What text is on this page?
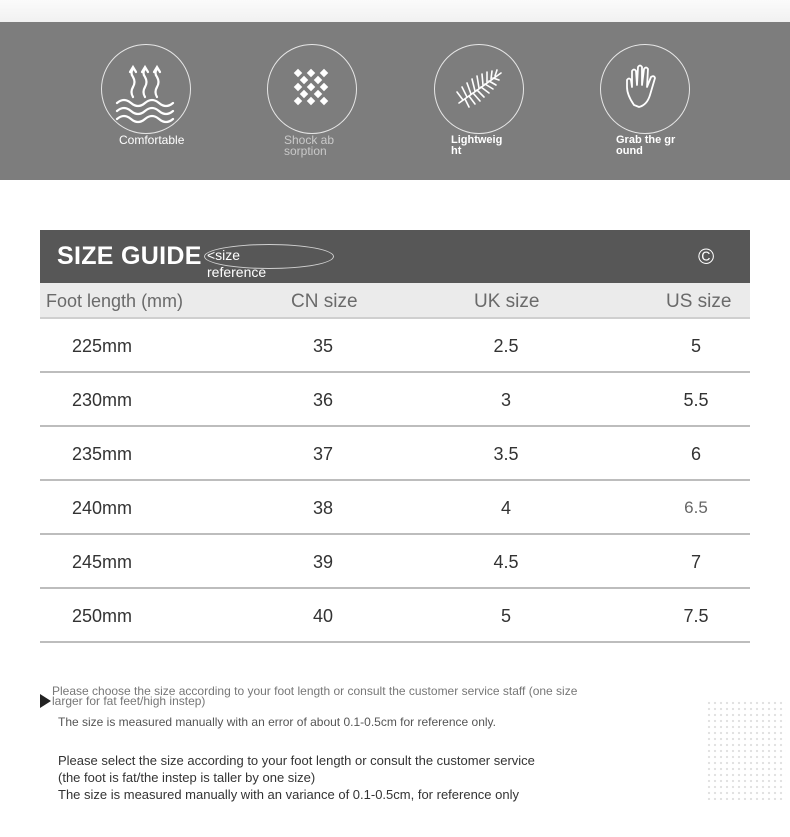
Comfortable	Shock absorption
Lightweight
Grab the ground
SIZE GUIDE <size reference
©
Foot length (mm)	CN size	UK size	US size
225mm	35	2.5	5
230mm	36	3	5.5
235mm	37	3.5	6
240mm	38	4	6.5
245mm	39	4.5	7
250mm	40	5	7.5
Please choose the size according to your foot length or consult the customer service staff (one size larger for fat feet/high instep)
The size is measured manually with an error of about 0.1-0.5cm for reference only.
Please select the size according to your foot length or consult the customer service
(the foot is fat/the instep is taller by one size)
The size is measured manually with an variance of 0.1-0.5cm, for reference only
